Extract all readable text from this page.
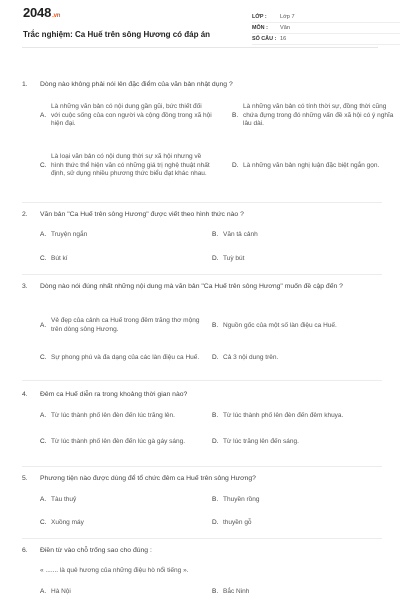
2048.vn
Trắc nghiệm: Ca Huế trên sông Hương có đáp án
LỚP :	Lớp 7
MÔN :	Văn
SỐ CÂU : 16
1.	Dòng nào không phải nói lên đặc điểm của văn bản nhật dụng ?
A.
Là những văn bản có nội dung gần gũi, bức thiết đối với cuộc sống của con người và cộng đồng trong xã hội hiện đại.
B.
Là những văn bản có tính thời sự, đồng thời cũng chứa đựng trong đó những vấn đề xã hội có ý nghĩa lâu dài.
C.
Là loại văn bản có nội dung thời sự xã hội nhưng về hình thức thể hiện văn có những giá trị nghệ thuật nhất định, sử dụng nhiều phương thức biểu đạt khác nhau.
D. Là những văn bản nghị luận đặc biệt ngắn gọn.
2.	Văn bản "Ca Huế trên sông Hương" được viết theo hình thức nào ?
A. Truyện ngắn	B. Văn tả cảnh
C. Bút kí	D. Tuỳ bút
3.	Dòng nào nói đúng nhất những nội dung mà văn bản "Ca Huế trên sông Hương" muốn đề cập đến ?
A.
Vẻ đẹp của cảnh ca Huế trong đêm trăng thơ mộng trên dòng sông Hương.
B. Nguồn gốc của một số làn điệu ca Huế.
C. Sự phong phú và đa dạng của các làn điệu ca Huế.	D. Cả 3 nội dung trên.
4.	Đêm ca Huế diễn ra trong khoảng thời gian nào?
A. Từ lúc thành phố lên đèn đến lúc trăng lên.	B. Từ lúc thành phố lên đèn đến đêm khuya.
C. Từ lúc thành phố lên đèn đến lúc gà gáy sáng.	D. Từ lúc trăng lên đến sáng.
5.	Phương tiện nào được dùng để tổ chức đêm ca Huế trên sông Hương?
A. Tàu thuỷ	B. Thuyền rồng
C. Xuồng máy	D. thuyền gỗ
6.	Điền từ vào chỗ trống sao cho đúng :
« ....... là quê hương của những điệu hò nổi tiếng ».
A. Hà Nội	B. Bắc Ninh
